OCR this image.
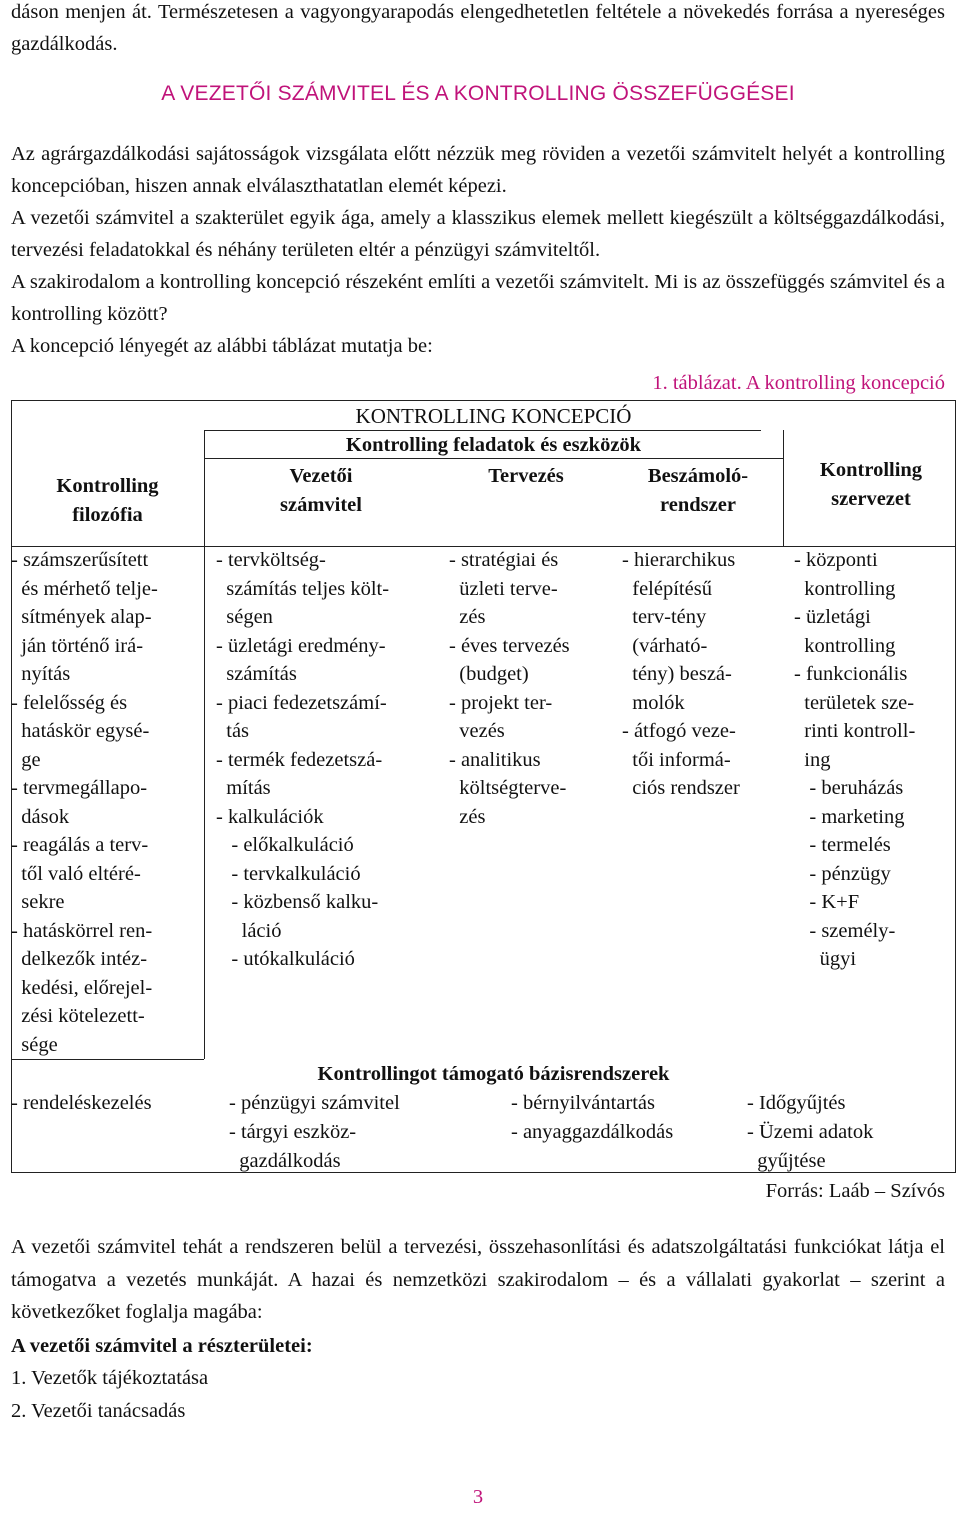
dáson menjen át. Természetesen a vagyongyarapodás elengedhetetlen feltétele a növekedés forrása a nyereséges gazdálkodás.

A VEZETŐI SZÁMVITEL ÉS A KONTROLLING ÖSSZEFÜGGÉSEI

Az agrárgazdálkodási sajátosságok vizsgálata előtt nézzük meg röviden a vezetői számvitelt helyét a kontrolling koncepcióban, hiszen annak elválaszthatatlan elemét képezi.

A vezetői számvitel a szakterület egyik ága, amely a klasszikus elemek mellett kiegészült a költséggazdálkodási, tervezési feladatokkal és néhány területen eltér a pénzügyi számviteltől.

A szakirodalom a kontrolling koncepció részeként említi a vezetői számvitelt. Mi is az összefüggés számvitel és a kontrolling között?

A koncepció lényegét az alábbi táblázat mutatja be:

1. táblázat. A kontrolling koncepció
KONTROLLING KONCEPCIÓ
Kontrolling feladatok és eszközök
Kontrolling filozófia
Vezetői számvitel
Tervezés	Beszámoló-rendszer
Kontrolling szervezet
- számszerűsített
és mérhető telje-
sítmények alap-
ján történő irá-
nyítás
- felelősség és
hatáskör egysé-
ge
- tervmegállapo-
dások
- reagálás a terv-
től való eltéré-
sekre
- hatáskörrel ren-
delkezők intéz-
kedési, előrejel-
zési kötelezett-
sége
- tervköltség-
számítás teljes költ-
ségen
- üzletági eredmény-
számítás
- piaci fedezetszámí-
tás
- termék fedezetszá-
mítás
- kalkulációk
- előkalkuláció
- tervkalkuláció
- közbenső kalku-
láció
- utókalkuláció
- stratégiai és
üzleti terve-
zés
- éves tervezés
(budget)
- projekt ter-
vezés
- analitikus
költségterve-
zés
- hierarchikus
felépítésű
terv-tény
(várható-
tény) beszá-
molók
- átfogó veze-
tői informá-
ciós rendszer
- központi
kontrolling
- üzletági
kontrolling
- funkcionális
területek sze-
rinti kontroll-
ing
- beruházás
- marketing
- termelés
- pénzügy
- K+F
- személy-
ügyi
Kontrollingot támogató bázisrendszerek
- rendeléskezelés	- pénzügyi számvitel
- tárgyi eszköz-
gazdálkodás
- bérnyilvántartás
- anyaggazdálkodás
- Időgyűjtés
- Üzemi adatok
gyűjtése
Forrás: Laáb – Szívós

A vezetői számvitel tehát a rendszeren belül a tervezési, összehasonlítási és adatszolgáltatási funkciókat látja el támogatva a vezetés munkáját. A hazai és nemzetközi szakirodalom – és a vállalati gyakorlat – szerint a következőket foglalja magába:

A vezetői számvitel a részterületei:
1. Vezetők tájékoztatása
2. Vezetői tanácsadás
3
